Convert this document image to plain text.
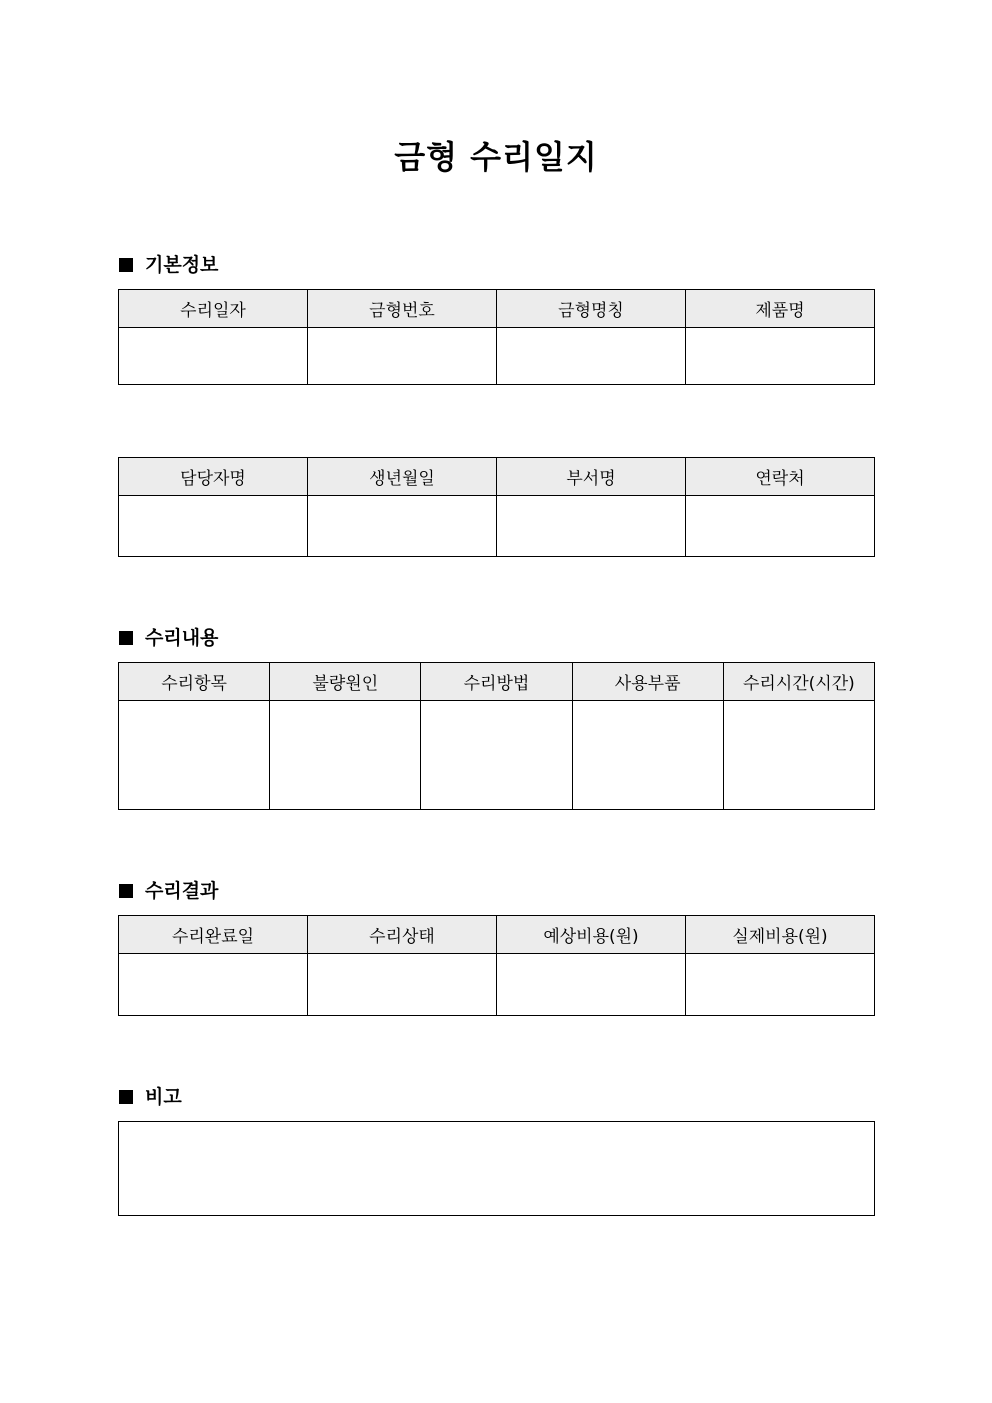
금형 수리일지
기본정보
수리일자	금형번호	금형명칭	제품명

담당자명	생년월일	부서명	연락처

수리내용
수리항목	불량원인	수리방법	사용부품	수리시간(시간)

수리결과
수리완료일	수리상태	예상비용(원)	실제비용(원)

비고
